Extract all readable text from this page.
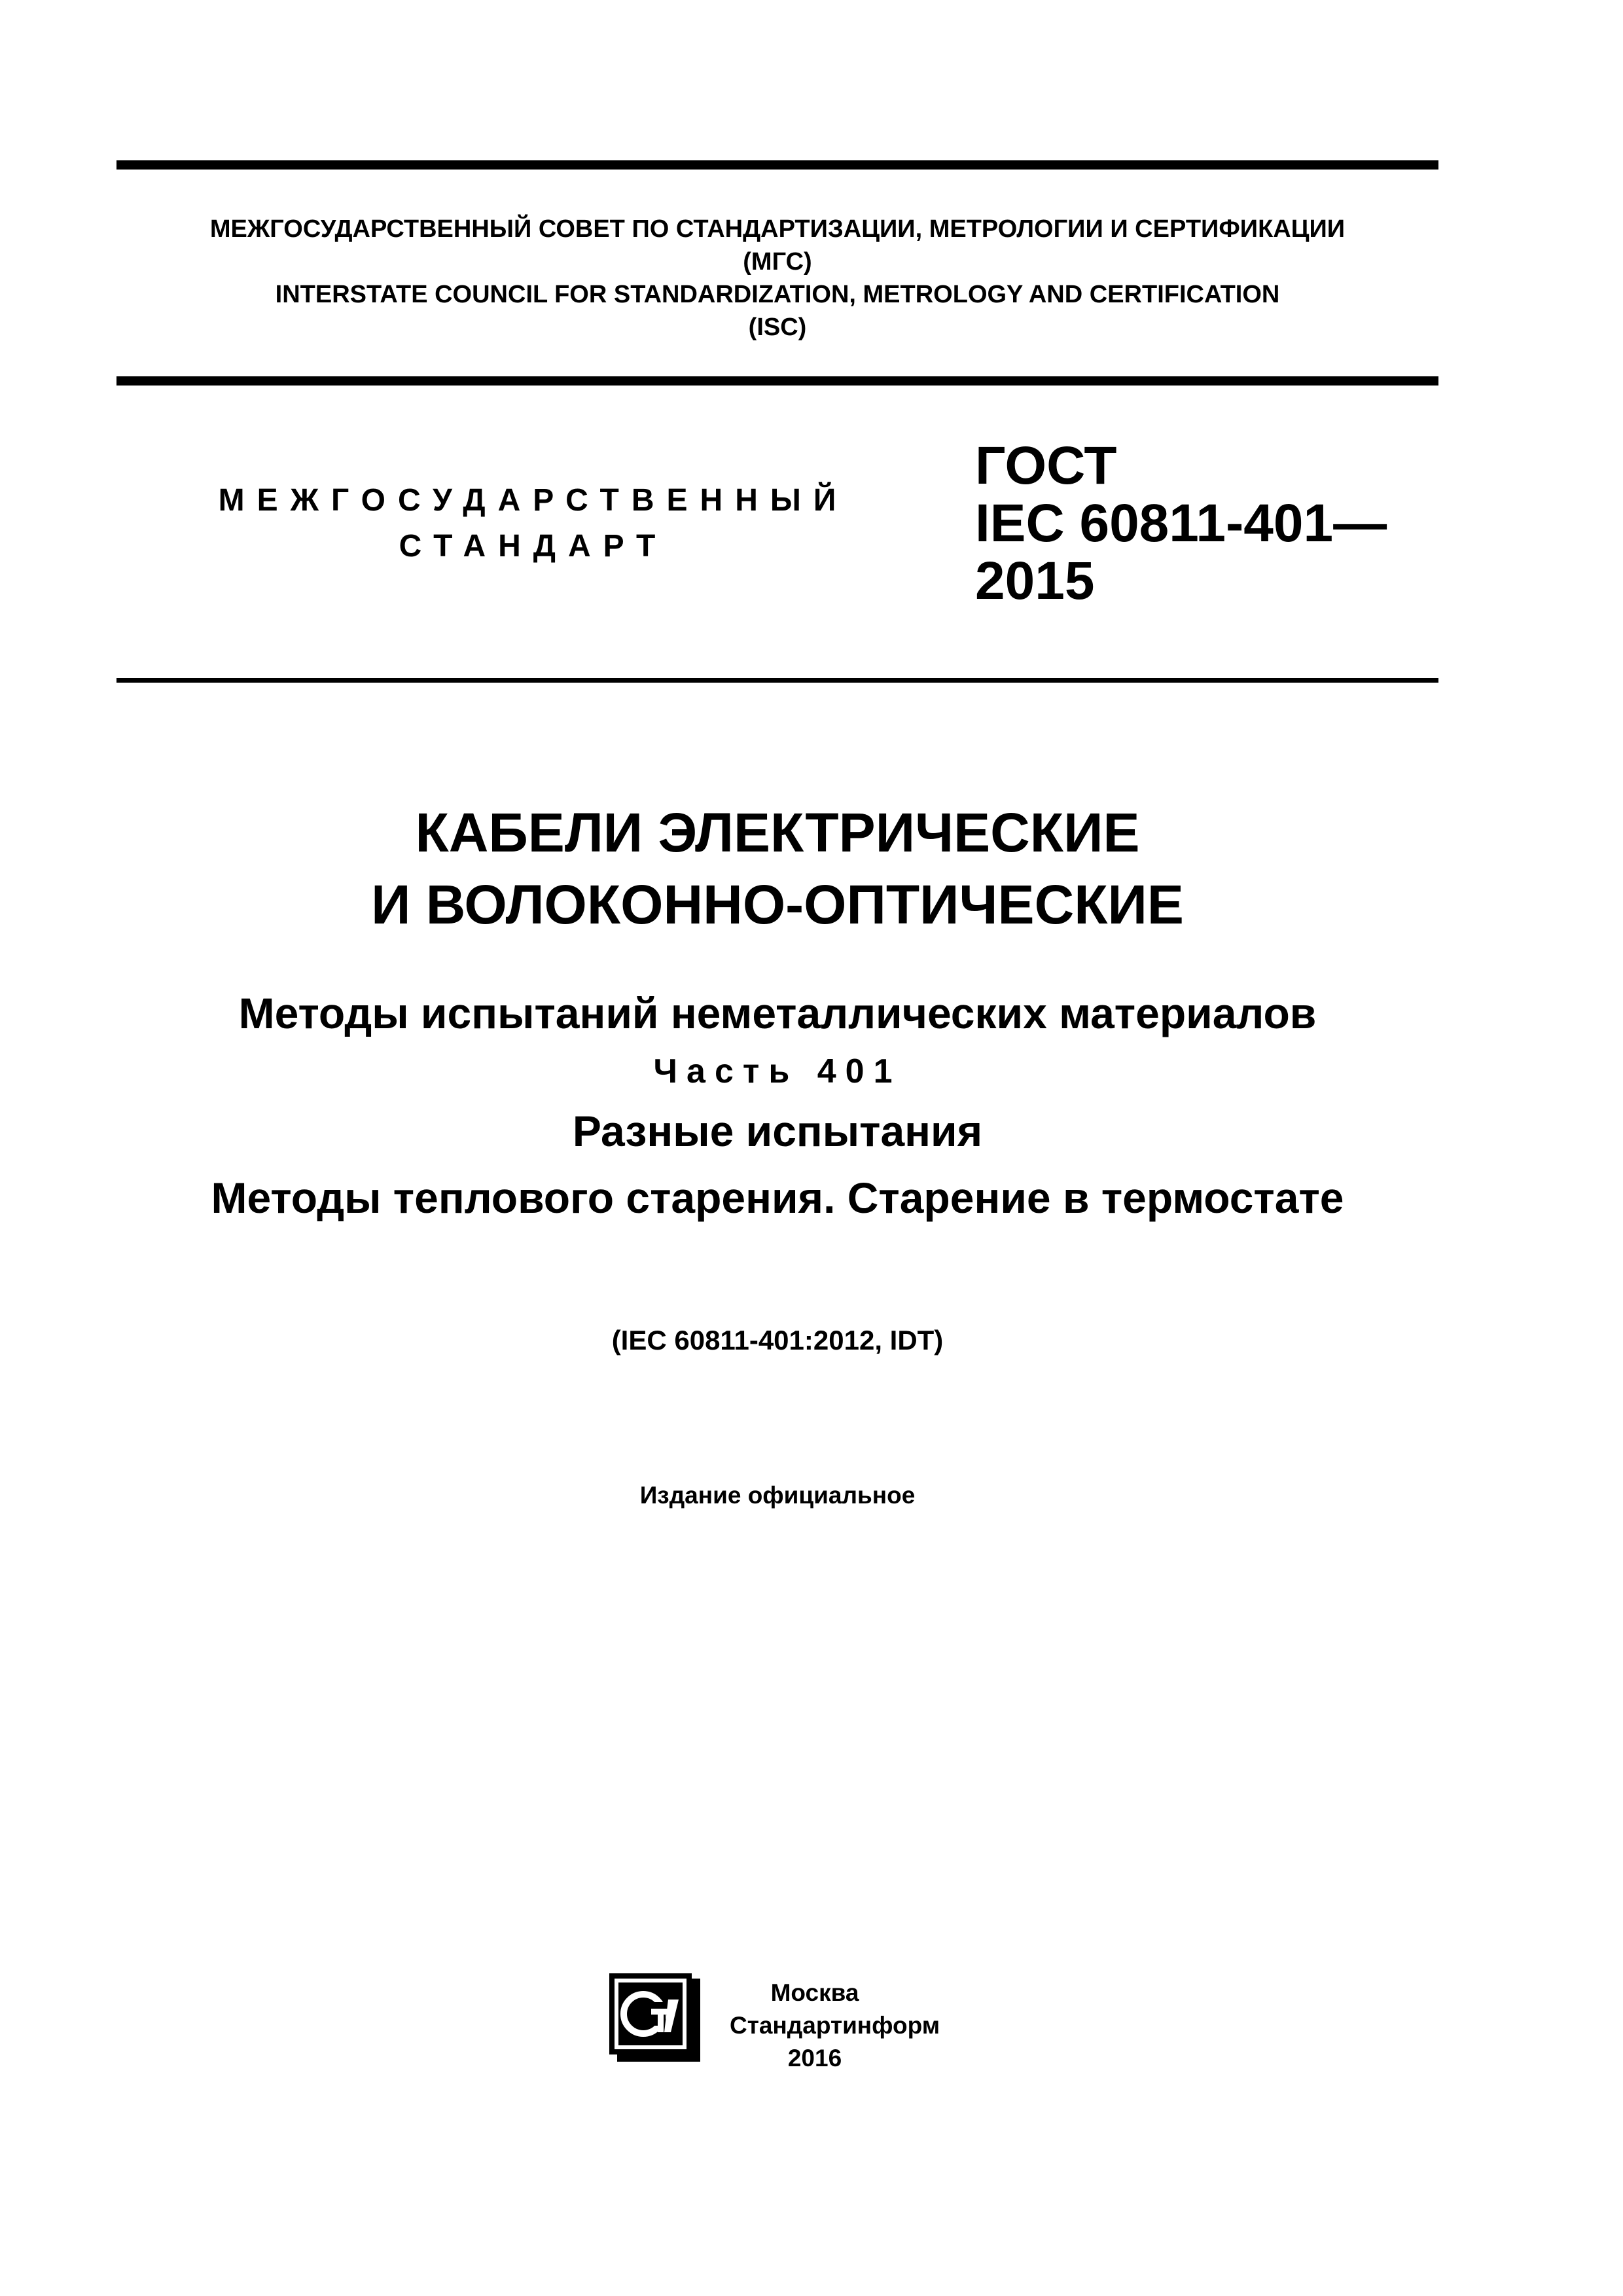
МЕЖГОСУДАРСТВЕННЫЙ СОВЕТ ПО СТАНДАРТИЗАЦИИ, МЕТРОЛОГИИ И СЕРТИФИКАЦИИ
(МГС)
INTERSTATE COUNCIL FOR STANDARDIZATION, METROLOGY AND CERTIFICATION
(ISC)
МЕЖГОСУДАРСТВЕННЫЙ
СТАНДАРТ
ГОСТ
IEC 60811-401—
2015
КАБЕЛИ ЭЛЕКТРИЧЕСКИЕ
И ВОЛОКОННО-ОПТИЧЕСКИЕ
Методы испытаний неметаллических материалов
Часть 401
Разные испытания
Методы теплового старения. Старение в термостате
(IEC 60811-401:2012, IDT)
Издание официальное
Москва
Стандартинформ
2016
